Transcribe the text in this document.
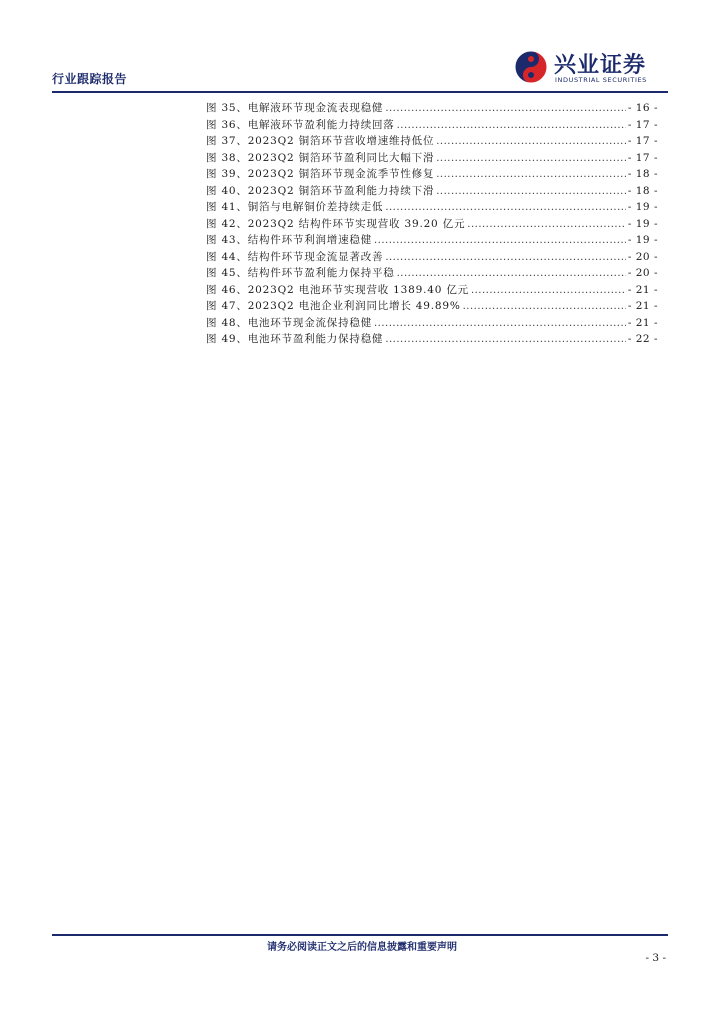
行业跟踪报告
兴业证券
INDUSTRIAL SECURITIES
图 35、电解液环节现金流表现稳健 .....	- 16 -
图 36、电解液环节盈利能力持续回落 .....	- 17 -
图 37、2023Q2 铜箔环节营收增速维持低位 .....	- 17 -
图 38、2023Q2 铜箔环节盈利同比大幅下滑 .....	- 17 -
图 39、2023Q2 铜箔环节现金流季节性修复 .....	- 18 -
图 40、2023Q2 铜箔环节盈利能力持续下滑 .....	- 18 -
图 41、铜箔与电解铜价差持续走低 .....	- 19 -
图 42、2023Q2 结构件环节实现营收 39.20 亿元 .....	- 19 -
图 43、结构件环节利润增速稳健 .....	- 19 -
图 44、结构件环节现金流显著改善 .....	- 20 -
图 45、结构件环节盈利能力保持平稳 .....	- 20 -
图 46、2023Q2 电池环节实现营收 1389.40 亿元 .....	- 21 -
图 47、2023Q2 电池企业利润同比增长 49.89% .....	- 21 -
图 48、电池环节现金流保持稳健 .....	- 21 -
图 49、电池环节盈利能力保持稳健 .....	- 22 -
请务必阅读正文之后的信息披露和重要声明
- 3 -
